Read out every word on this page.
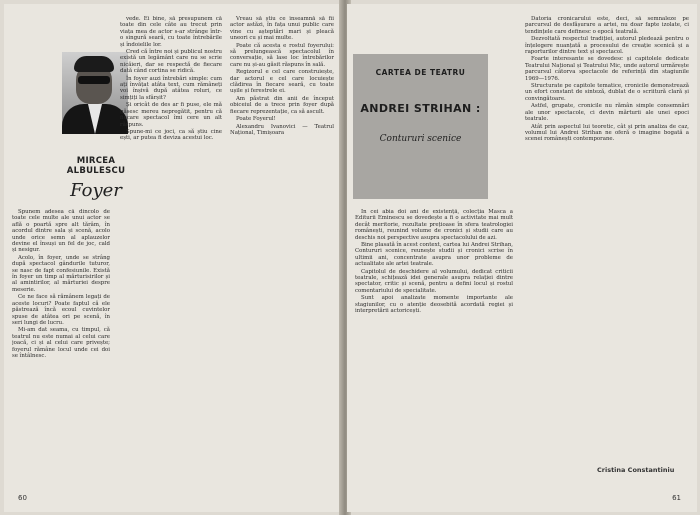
MIRCEA ALBULESCU
Foyer

Spunem adesea că dincolo de toate cele multe ale unui actor se află o poartă spre alt tărâm, în acordul dintre sala și scenă, acolo unde orice semn al aplauzelor devine el însuși un fel de joc, cald și nesigur.

Acolo, în foyer, unde se strâng după spectacol gândurile tuturor, se nasc de fapt confesiunile. Există în foyer un timp al mărturisirilor și al amintirilor, al mărturiei despre meserie.

Ce ne face să rămânem legați de aceste locuri? Poate faptul că ele păstrează încă ecoul cuvintelor spuse de atâtea ori pe scenă, în seri lungi de lucru.

Mi-am dat seama, cu timpul, că teatrul nu este numai al celui care joacă, ci și al celui care privește; foyerul rămâne locul unde cei doi se întâlnesc.

vede. Ei bine, să presupunem că toate din cele câte au trecut prin viața mea de actor s-ar strânge într-o singură seară, cu toate întrebările și îndoielile lor.

Cred că între noi și publicul nostru există un legământ care nu se scrie nicăieri, dar se respectă de fiecare dată când cortina se ridică.

În foyer auzi întrebări simple: cum ați învățat atâta text, cum rămâneți voi înșivă după atâtea roluri, ce simțiți la sfârșit?

Și oricât de des ar fi puse, ele mă găsesc mereu nepregătit, pentru că fiecare spectacol îmi cere un alt răspuns.

Spune-mi ce joci, ca să știu cine ești, ar putea fi deviza acestui loc.

Vreau să știu ce înseamnă să fii actor astăzi, în fața unui public care vine cu așteptări mari și pleacă uneori cu și mai multe.

Poate că acesta e rostul foyerului: să prelungească spectacolul în conversație, să lase loc întrebărilor care nu și-au găsit răspuns în sală.

Regizorul e cel care construiește, dar actorul e cel care locuiește clădirea în fiecare seară, cu toate ușile și ferestrele ei.

Am păstrat din anii de început obiceiul de a trece prin foyer după fiecare reprezentație, ca să ascult.

Poate Foyerul!

Alexandru Ivanovici — Teatrul Național, Timișoara

60
CARTEA DE TEATRU
ANDREI STRIHAN :
Contururi scenice

În cei abia doi ani de existență, colecția Masca a Editurii Eminescu se dovedește a fi o activitate mai mult decât meritorie, rezultate prețioase în sfera teatrologiei românești, reunind volume de cronici și studii care au deschis noi perspective asupra spectacolului de azi.

Bine plasată în acest context, cartea lui Andrei Strihan, Contururi scenice, reunește studii și cronici scrise în ultimii ani, concentrate asupra unor probleme de actualitate ale artei teatrale.

Capitolul de deschidere al volumului, dedicat criticii teatrale, schițează idei generale asupra relației dintre spectator, critic și scenă, pentru a defini locul și rostul comentariului de specialitate.

Sunt apoi analizate momente importante ale stagiunilor, cu o atenție deosebită acordată regiei și interpretării actoricești.

Datoria cronicarului este, deci, să semnaleze pe parcursul de desfășurare a artei, nu doar fapte izolate, ci tendințele care definesc o epocă teatrală.

Dezvoltată respectul tradiției, autorul pledează pentru o înțelegere nuanțată a procesului de creație scenică și a raporturilor dintre text și spectacol.

Foarte interesante se dovedesc și capitolele dedicate Teatrului Național și Teatrului Mic, unde autorul urmărește parcursul câtorva spectacole de referință din stagiunile 1969—1976.

Structurate pe capitole tematice, cronicile demonstrează un efort constant de sinteză, dublat de o scriitură clară și convingătoare.

Astfel, grupate, cronicile nu rămân simple consemnări ale unor spectacole, ci devin mărturii ale unei epoci teatrale.

Atât prin aspectul lui teoretic, cât și prin analiza de caz, volumul lui Andrei Strihan ne oferă o imagine bogată a scenei românești contemporane.

Cristina Constantiniu
61
